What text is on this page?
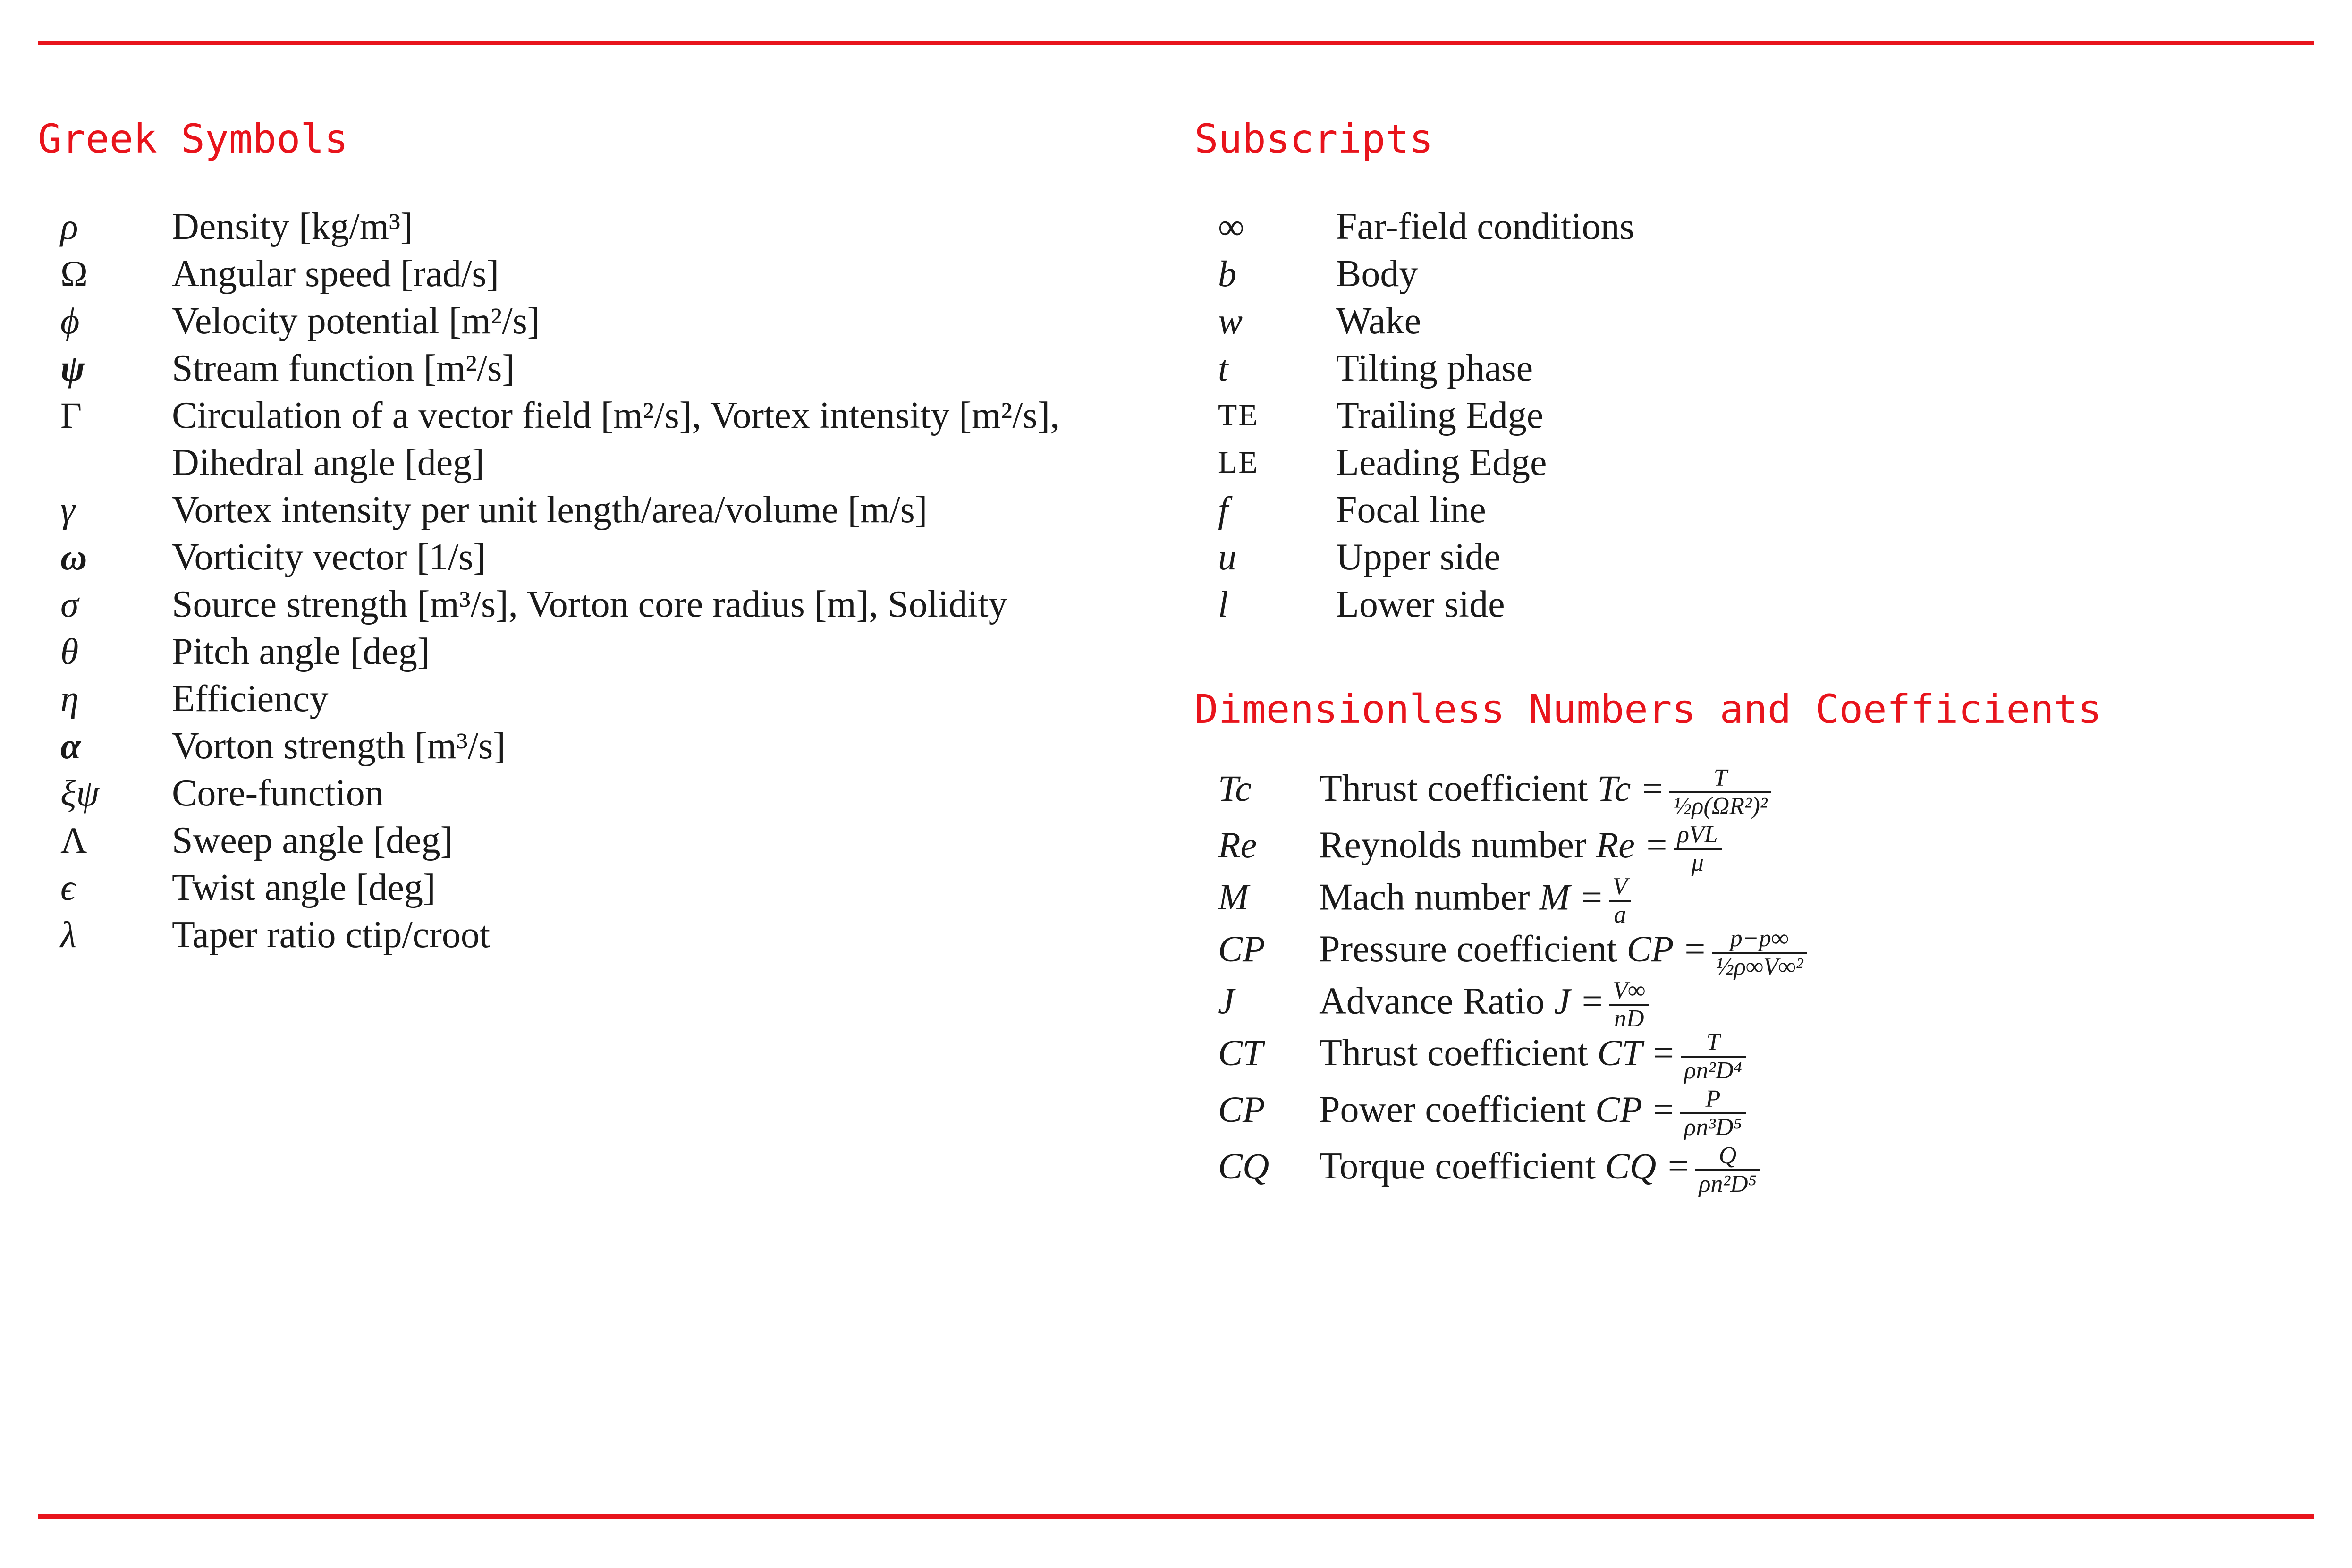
Greek Symbols
ρ Density [kg/m³]
Ω Angular speed [rad/s]
ϕ Velocity potential [m²/s]
ψ Stream function [m²/s]
Γ Circulation of a vector field [m²/s], Vortex intensity [m²/s],
Dihedral angle [deg]
γ	Vortex intensity per unit length/area/volume [m/s]
ω Vorticity vector [1/s]
σ Source strength [m³/s], Vorton core radius [m], Solidity
θ Pitch angle [deg]
η Efficiency
α Vorton strength [m³/s]
ξψ Core-function
Λ Sweep angle [deg]
ϵ	Twist angle [deg]
λ	Taper ratio ctip/croot
Subscripts
∞ Far-field conditions
b	Body
w Wake
t	Tilting phase
TE Trailing Edge
LE Leading Edge
f	Focal line
u	Upper side
l	Lower side
Dimensionless Numbers and Coefficients
Tc Thrust coefficient $Tc = \frac{T}{\text{½ρ(ΩR²)²}}$
Re Reynolds number $Re = \frac{\text{ρVL}}{\mu}$
M Mach number $M = \frac{V}{a}$
CP Pressure coefficient CP = $\frac{p-p\infty}{\text{½ρ∞V∞²}}$
J Advance Ratio $J = \frac{V\infty}{nD}$
CT Thrust coefficient CT = $\frac{T}{\text{ρn²D⁴}}$
CP Power coefficient CP = $\frac{P}{\text{ρn³D⁵}}$
CQ Torque coefficient CQ = $\frac{Q}{\text{ρn²D⁵}}$
